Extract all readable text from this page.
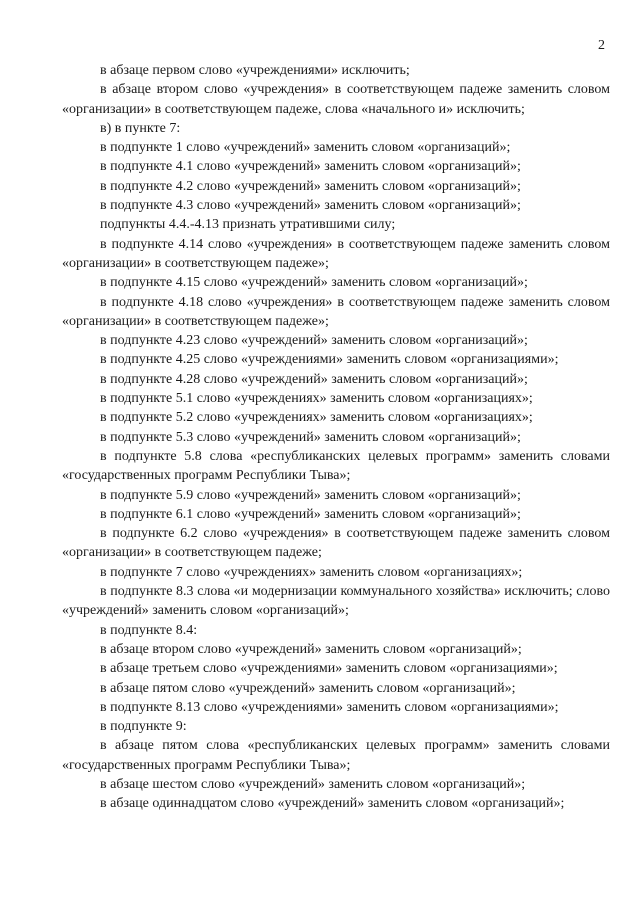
2

в абзаце первом слово «учреждениями» исключить;

в абзаце втором слово «учреждения» в соответствующем падеже заменить словом «организации» в соответствующем падеже, слова «начального и» исключить;

в) в пункте 7:

в подпункте 1 слово «учреждений» заменить словом «организаций»;

в подпункте 4.1 слово «учреждений» заменить словом «организаций»;

в подпункте 4.2 слово «учреждений» заменить словом «организаций»;

в подпункте 4.3 слово «учреждений» заменить словом «организаций»;

подпункты 4.4.-4.13 признать утратившими силу;

в подпункте 4.14 слово «учреждения» в соответствующем падеже заменить словом «организации» в соответствующем падеже»;

в подпункте 4.15 слово «учреждений» заменить словом «организаций»;

в подпункте 4.18 слово «учреждения» в соответствующем падеже заменить словом «организации» в соответствующем падеже»;

в подпункте 4.23 слово «учреждений» заменить словом «организаций»;

в подпункте 4.25 слово «учреждениями» заменить словом «организациями»;

в подпункте 4.28 слово «учреждений» заменить словом «организаций»;

в подпункте 5.1 слово «учреждениях» заменить словом «организациях»;

в подпункте 5.2 слово «учреждениях» заменить словом «организациях»;

в подпункте 5.3 слово «учреждений» заменить словом «организаций»;

в подпункте 5.8 слова «республиканских целевых программ» заменить словами «государственных программ Республики Тыва»;

в подпункте 5.9 слово «учреждений» заменить словом «организаций»;

в подпункте 6.1 слово «учреждений» заменить словом «организаций»;

в подпункте 6.2 слово «учреждения» в соответствующем падеже заменить словом «организации» в соответствующем падеже;

в подпункте 7 слово «учреждениях» заменить словом «организациях»;

в подпункте 8.3 слова «и модернизации коммунального хозяйства» исключить; слово «учреждений» заменить словом «организаций»;

в подпункте 8.4:

в абзаце втором слово «учреждений» заменить словом «организаций»;

в абзаце третьем слово «учреждениями» заменить словом «организациями»;

в абзаце пятом слово «учреждений» заменить словом «организаций»;

в подпункте 8.13 слово «учреждениями» заменить словом «организациями»;

в подпункте 9:

в абзаце пятом слова «республиканских целевых программ» заменить словами «государственных программ Республики Тыва»;

в абзаце шестом слово «учреждений» заменить словом «организаций»;

в абзаце одиннадцатом слово «учреждений» заменить словом «организаций»;
